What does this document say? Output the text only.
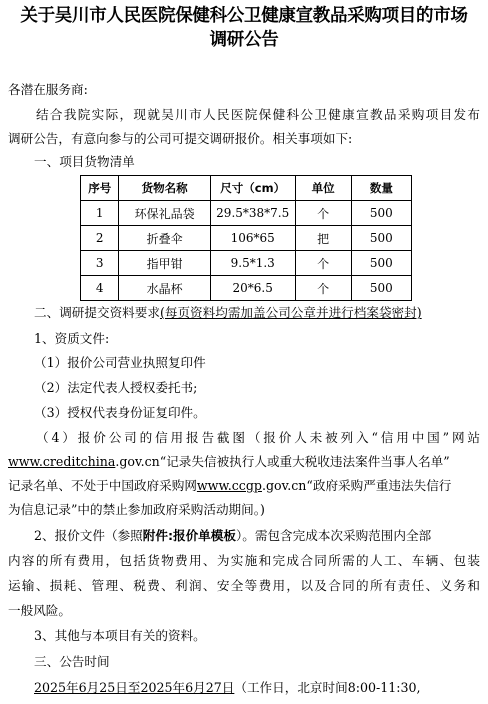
关于吴川市人民医院保健科公卫健康宣教品采购项目的市场
调研公告
各潜在服务商:
结合我院实际，现就吴川市人民医院保健科公卫健康宣教品采购项目发布
调研公告，有意向参与的公司可提交调研报价。相关事项如下:
一、项目货物清单
序号	货物名称	尺寸（cm）	单位	数量
1	环保礼品袋	29.5*38*7.5	个	500
2	折叠伞	106*65	把	500
3	指甲钳	9.5*1.3	个	500
4	水晶杯	20*6.5	个	500
二、调研提交资料要求(每页资料均需加盖公司公章并进行档案袋密封)
1、资质文件:
（1）报价公司营业执照复印件
（2）法定代表人授权委托书;
（3）授权代表身份证复印件。
（4）报价公司的信用报告截图（报价人未被列入“信用中国”网站
www.creditchina.gov.cn“记录失信被执行人或重大税收违法案件当事人名单”
记录名单、不处于中国政府采购网www.ccgp.gov.cn“政府采购严重违法失信行
为信息记录”中的禁止参加政府采购活动期间。)
2、报价文件（参照附件:报价单模板）。需包含完成本次采购范围内全部
内容的所有费用，包括货物费用、为实施和完成合同所需的人工、车辆、包装
运输、损耗、管理、税费、利润、安全等费用，以及合同的所有责任、义务和
一般风险。
3、其他与本项目有关的资料。
三、公告时间
2025年6月25日至2025年6月27日（工作日，北京时间8:00-11:30,
